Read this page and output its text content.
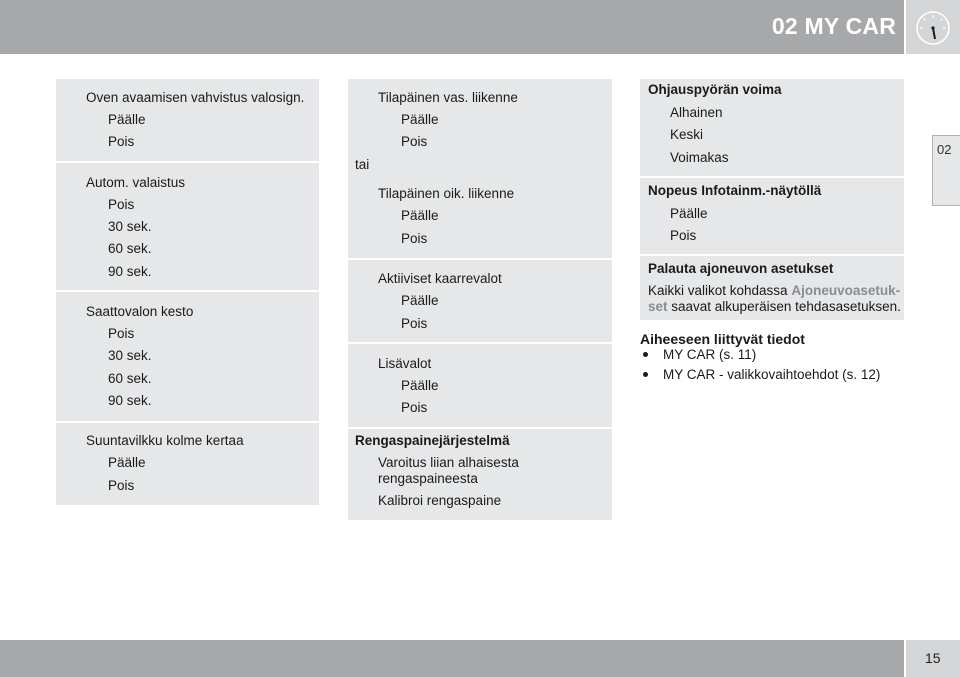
02 MY CAR
02
Oven avaamisen vahvistus valosign.
Päälle
Pois
Autom. valaistus
Pois
30 sek.
60 sek.
90 sek.
Saattovalon kesto
Pois
30 sek.
60 sek.
90 sek.
Suuntavilkku kolme kertaa
Päälle
Pois
Tilapäinen vas. liikenne
Päälle
Pois
tai
Tilapäinen oik. liikenne
Päälle
Pois
Aktiiviset kaarrevalot
Päälle
Pois
Lisävalot
Päälle
Pois
Rengaspainejärjestelmä
Varoitus liian alhaisesta
rengaspaineesta
Kalibroi rengaspaine
Ohjauspyörän voima
Alhainen
Keski
Voimakas
Nopeus Infotainm.-näytöllä
Päälle
Pois
Palauta ajoneuvon asetukset
Kaikki valikot kohdassa Ajoneuvoasetuk-
set saavat alkuperäisen tehdasasetuksen.
Aiheeseen liittyvät tiedot
MY CAR (s. 11)
MY CAR - valikkovaihtoehdot (s. 12)
15
